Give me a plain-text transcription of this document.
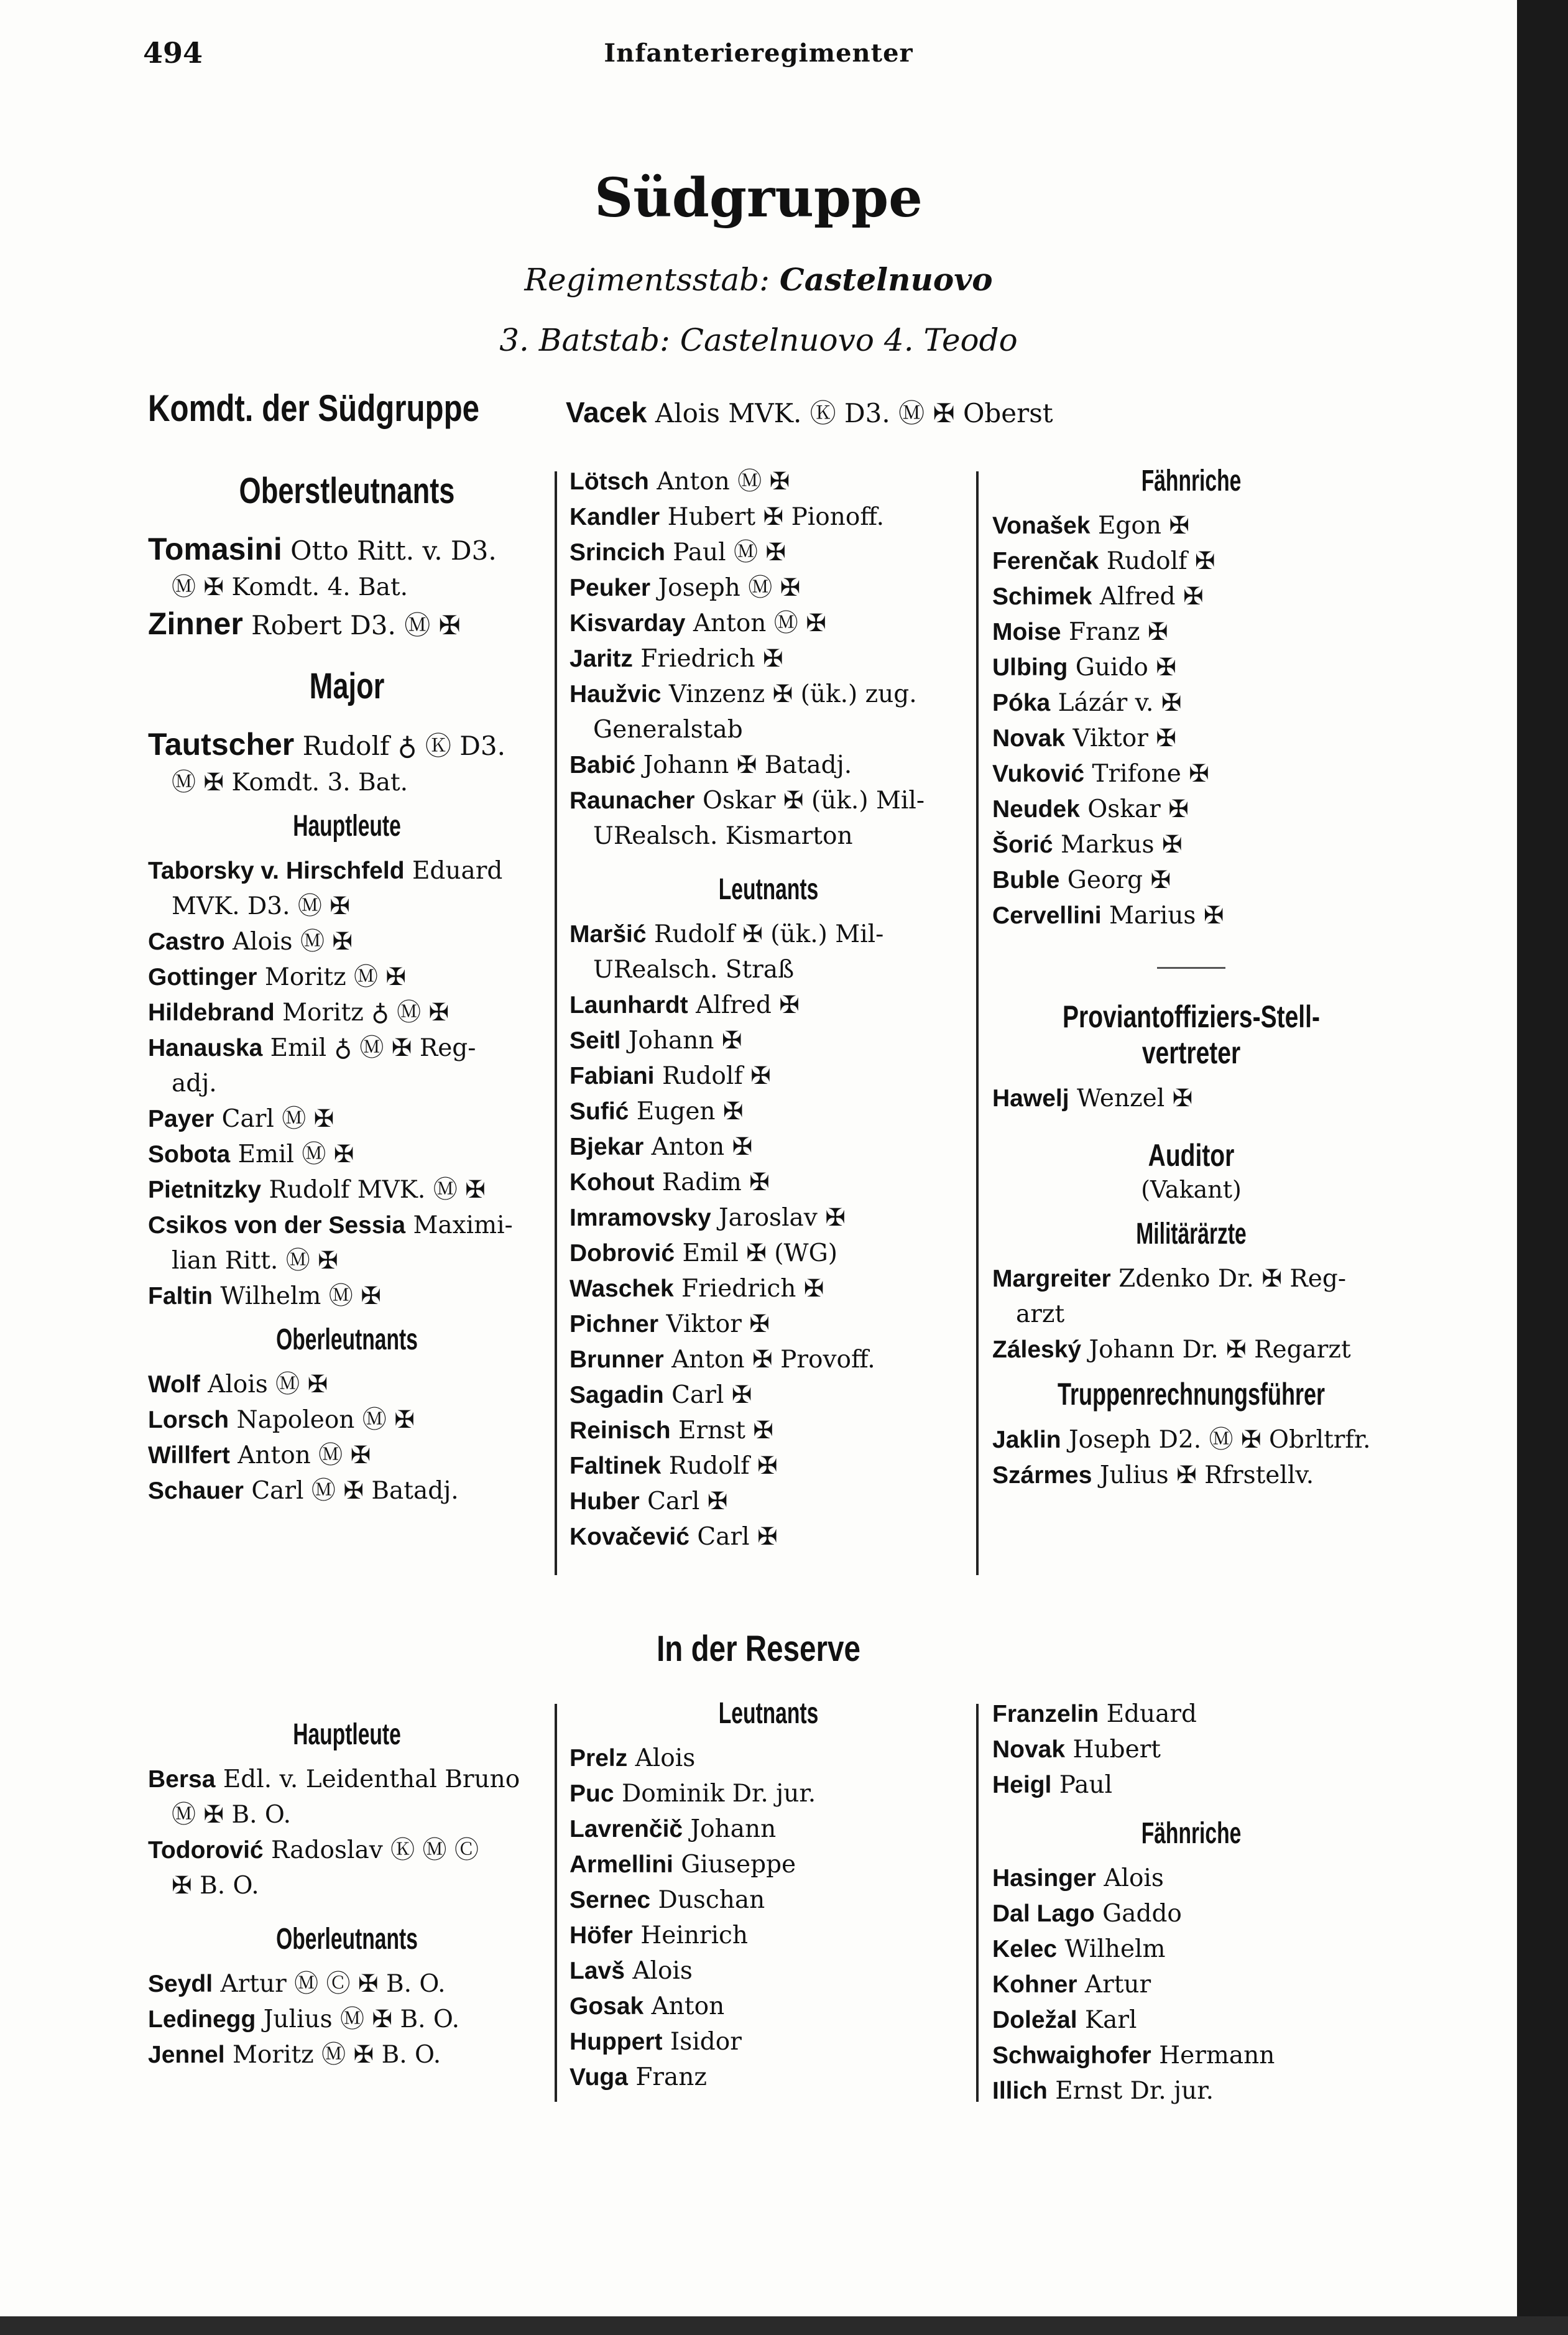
494	Infanterieregimenter
Südgruppe
Regimentsstab: Castelnuovo
3. Batstab: Castelnuovo 4. Teodo
Komdt. der Südgruppe	Vacek Alois MVK. Ⓚ D3. Ⓜ ✠ Oberst
Oberstleutnants
Tomasini Otto Ritt. v. D3.
Ⓜ ✠ Komdt. 4. Bat.
Zinner Robert D3. Ⓜ ✠
Major
Tautscher Rudolf ♁ Ⓚ D3.
Ⓜ ✠ Komdt. 3. Bat.
Hauptleute
Taborsky v. Hirschfeld Eduard
MVK. D3. Ⓜ ✠
Castro Alois Ⓜ ✠
Gottinger Moritz Ⓜ ✠
Hildebrand Moritz ♁ Ⓜ ✠
Hanauska Emil ♁ Ⓜ ✠ Reg-
adj.
Payer Carl Ⓜ ✠
Sobota Emil Ⓜ ✠
Pietnitzky Rudolf MVK. Ⓜ ✠
Csikos von der Sessia Maximi-
lian Ritt. Ⓜ ✠
Faltin Wilhelm Ⓜ ✠
Oberleutnants
Wolf Alois Ⓜ ✠
Lorsch Napoleon Ⓜ ✠
Willfert Anton Ⓜ ✠
Schauer Carl Ⓜ ✠ Batadj.
Lötsch Anton Ⓜ ✠
Kandler Hubert ✠ Pionoff.
Srincich Paul Ⓜ ✠
Peuker Joseph Ⓜ ✠
Kisvarday Anton Ⓜ ✠
Jaritz Friedrich ✠
Haužvic Vinzenz ✠ (ük.) zug.
Generalstab
Babić Johann ✠ Batadj.
Raunacher Oskar ✠ (ük.) Mil-
URealsch. Kismarton
Leutnants
Maršić Rudolf ✠ (ük.) Mil-
URealsch. Straß
Launhardt Alfred ✠
Seitl Johann ✠
Fabiani Rudolf ✠
Sufić Eugen ✠
Bjekar Anton ✠
Kohout Radim ✠
Imramovsky Jaroslav ✠
Dobrović Emil ✠ (WG)
Waschek Friedrich ✠
Pichner Viktor ✠
Brunner Anton ✠ Provoff.
Sagadin Carl ✠
Reinisch Ernst ✠
Faltinek Rudolf ✠
Huber Carl ✠
Kovačević Carl ✠
Fähnriche
Vonašek Egon ✠
Ferenčak Rudolf ✠
Schimek Alfred ✠
Moise Franz ✠
Ulbing Guido ✠
Póka Lázár v. ✠
Novak Viktor ✠
Vuković Trifone ✠
Neudek Oskar ✠
Šorić Markus ✠
Buble Georg ✠
Cervellini Marius ✠
Proviantoffiziers-Stell-
vertreter
Hawelj Wenzel ✠
Auditor
(Vakant)
Militärärzte
Margreiter Zdenko Dr. ✠ Reg-
arzt
Záleský Johann Dr. ✠ Regarzt
Truppenrechnungsführer
Jaklin Joseph D2. Ⓜ ✠ Obrltrfr.
Szármes Julius ✠ Rfrstellv.
In der Reserve
Hauptleute
Bersa Edl. v. Leidenthal Bruno
Ⓜ ✠ B. O.
Todorović Radoslav Ⓚ Ⓜ Ⓒ
✠ B. O.
Oberleutnants
Seydl Artur Ⓜ Ⓒ ✠ B. O.
Ledinegg Julius Ⓜ ✠ B. O.
Jennel Moritz Ⓜ ✠ B. O.
Leutnants
Prelz Alois
Puc Dominik Dr. jur.
Lavrenčič Johann
Armellini Giuseppe
Sernec Duschan
Höfer Heinrich
Lavš Alois
Gosak Anton
Huppert Isidor
Vuga Franz
Franzelin Eduard
Novak Hubert
Heigl Paul
Fähnriche
Hasinger Alois
Dal Lago Gaddo
Kelec Wilhelm
Kohner Artur
Doležal Karl
Schwaighofer Hermann
Illich Ernst Dr. jur.
